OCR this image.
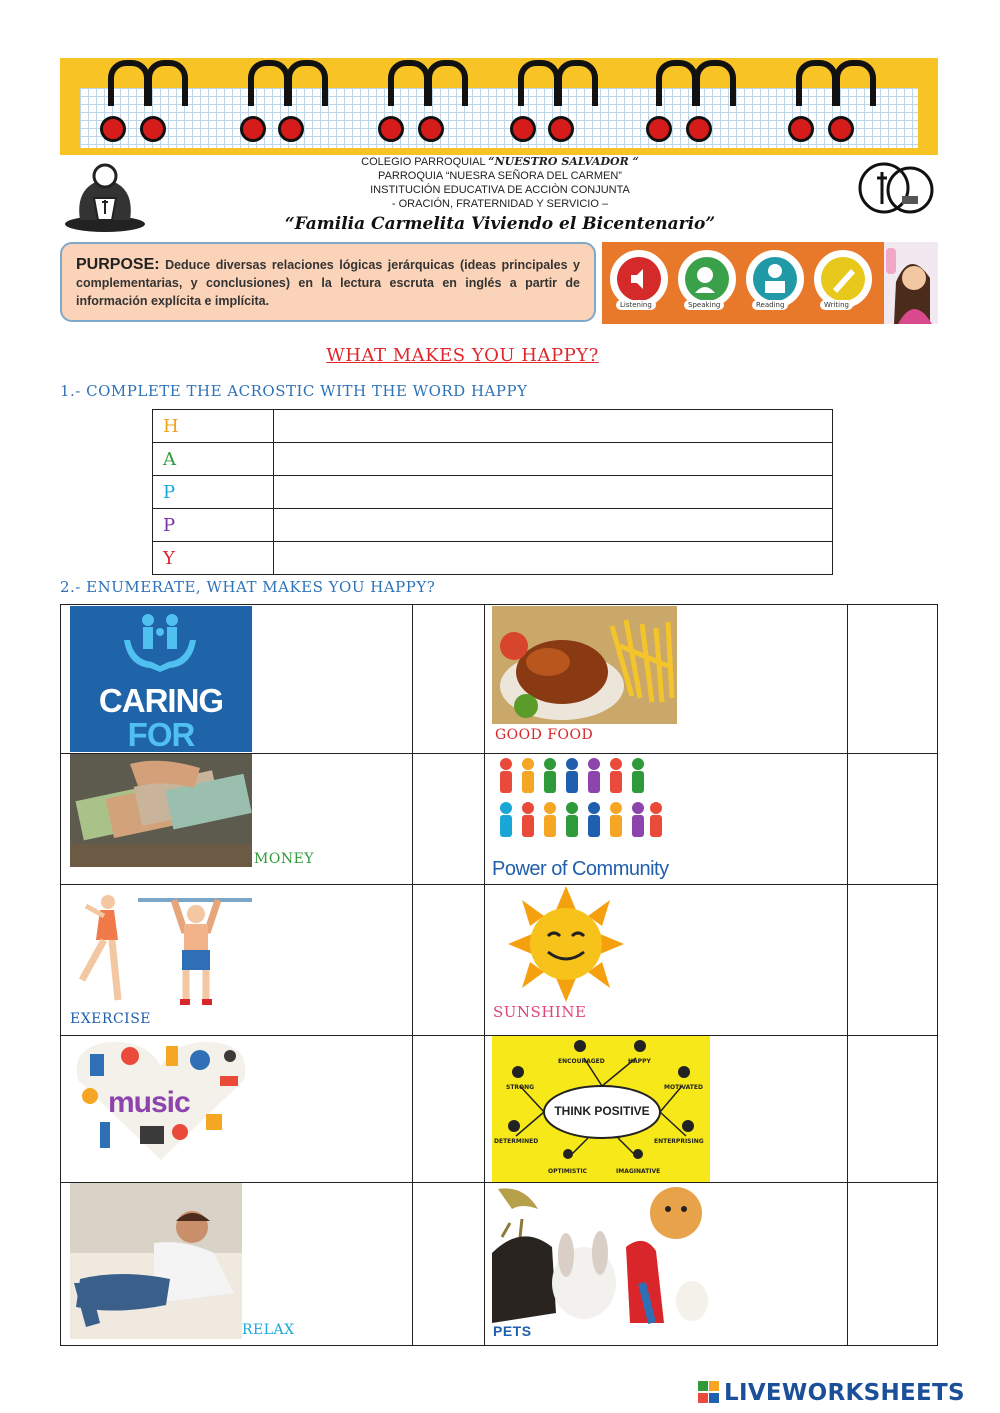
COLEGIO PARROQUIAL “NUESTRO SALVADOR “
PARROQUIA “NUESRA SEÑORA DEL CARMEN”
INSTITUCIÓN EDUCATIVA DE ACCIÒN CONJUNTA
- ORACIÓN, FRATERNIDAD Y SERVICIO –
“Familia Carmelita Viviendo el Bicentenario”
PURPOSE: Deduce diversas relaciones lógicas jerárquicas (ideas principales y complementarias, y conclusiones) en la lectura escruta en inglés a partir de información explícita e implícita.	Listening	Speaking	Reading	Writing
WHAT MAKES YOU HAPPY?
1.- COMPLETE THE ACROSTIC WITH THE WORD HAPPY
H	
A	
P	
P	
Y	
2.- ENUMERATE, WHAT MAKES YOU HAPPY?
CARING
FOR	GOOD FOOD
MONEY	Power of Community
EXERCISE	SUNSHINE
music	THINK POSITIVE
ENCOURAGED	HAPPY
STRONG	MOTIVATED
DETERMINED	ENTERPRISING
OPTIMISTIC	IMAGINATIVE
RELAX	PETS
LIVEWORKSHEETS
